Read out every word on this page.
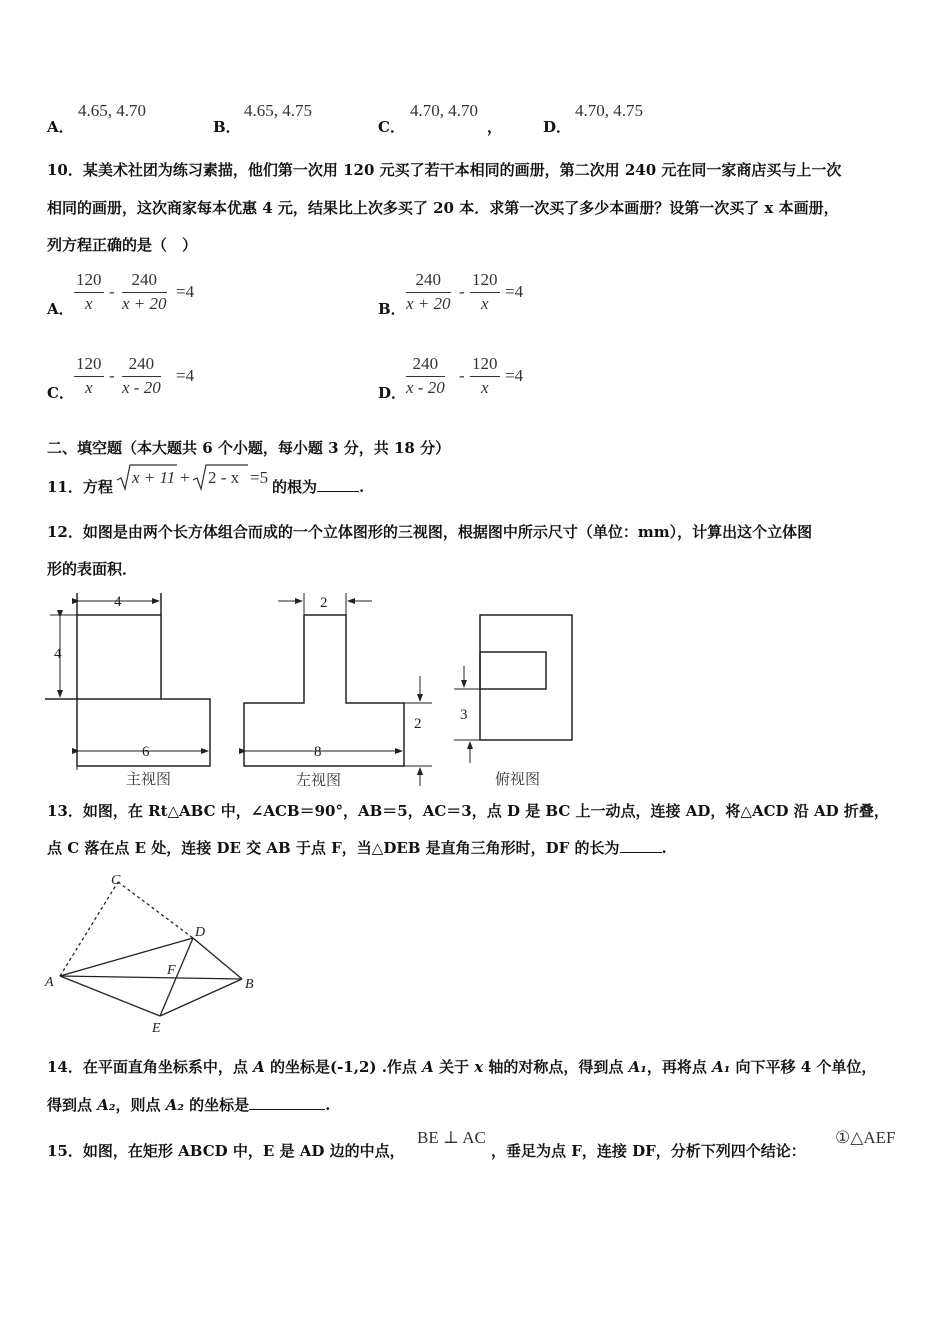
A．
4.65, 4.70
B．
4.65, 4.75
C．
4.70, 4.70
，	D．
4.70, 4.75
10．某美术社团为练习素描，他们第一次用 120 元买了若干本相同的画册，第二次用 240 元在同一家商店买与上一次
相同的画册，这次商家每本优惠 4 元，结果比上次多买了 20 本．求第一次买了多少本画册？设第一次买了 x 本画册，
列方程正确的是（　）
A． $\frac{120}{x} - \frac{240}{x + 20} =4$
B． $\frac{240}{x + 20} - \frac{120}{x} =4$
C． $\frac{120}{x} - \frac{240}{x - 20} =4$
D． $\frac{240}{x - 20} - \frac{120}{x} =4$
二、填空题（本大题共 6 个小题，每小题 3 分，共 18 分）
11．方程 x + 11 + 2 - x =5 的根为	.
12．如图是由两个长方体组合而成的一个立体图形的三视图，根据图中所示尺寸（单位：mm），计算出这个立体图
形的表面积．
4
4
6
2
2
8
3
主视图	左视图	俯视图
13．如图，在 Rt△ABC 中，∠ACB＝90°，AB＝5，AC＝3，点 D 是 BC 上一动点，连接 AD，将△ACD 沿 AD 折叠，
点 C 落在点 E 处，连接 DE 交 AB 于点 F，当△DEB 是直角三角形时，DF 的长为	.
C
D
A
F
B
E
14．在平面直角坐标系中，点 A 的坐标是(-1,2) .作点 A 关于 x 轴的对称点，得到点 A₁，再将点 A₁ 向下平移 4 个单位，
得到点 A₂，则点 A₂ 的坐标是	.
15．如图，在矩形 ABCD 中，E 是 AD 边的中点，
BE ⊥ AC
，垂足为点 F，连接 DF，分析下列四个结论：
①△AEF
